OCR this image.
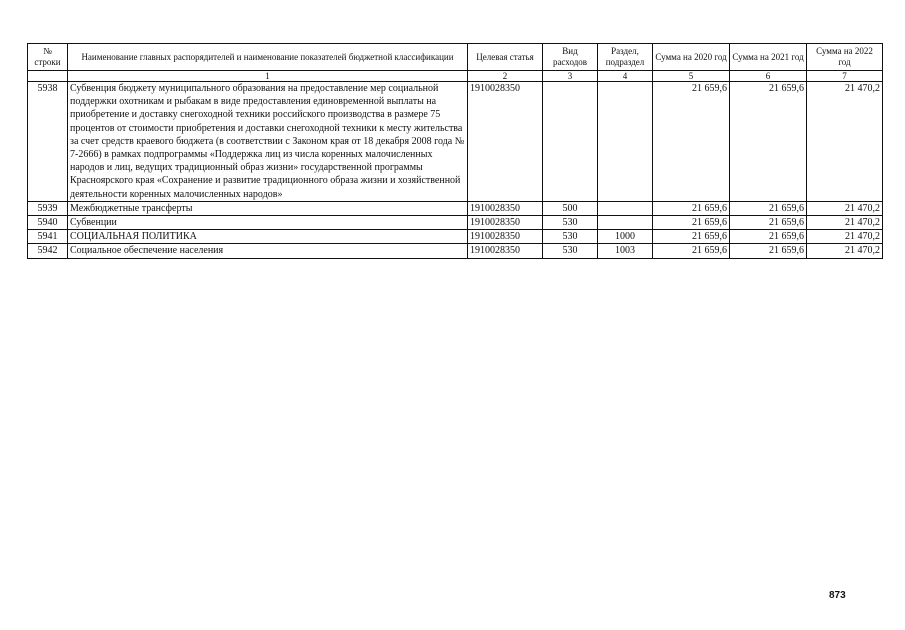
№ строки	Наименование главных распорядителей и наименование показателей бюджетной классификации	Целевая статья	Вид расходов	Раздел, подраздел	Сумма на 2020 год	Сумма на 2021 год	Сумма на 2022 год
	1	2	3	4	5	6	7
5938	Субвенция бюджету муниципального образования на предоставление мер социальной поддержки охотникам и рыбакам в виде предоставления единовременной выплаты на приобретение и доставку снегоходной техники российского производства в размере 75 процентов от стоимости приобретения и доставки снегоходной техники к месту жительства за счет средств краевого бюджета (в соответствии с Законом края от 18 декабря 2008 года № 7-2666) в рамках подпрограммы «Поддержка лиц из числа коренных малочисленных народов и лиц, ведущих традиционный образ жизни» государственной программы Красноярского края «Сохранение и развитие традиционного образа жизни и хозяйственной деятельности коренных малочисленных народов»	1910028350			21 659,6	21 659,6	21 470,2
5939	Межбюджетные трансферты	1910028350	500		21 659,6	21 659,6	21 470,2
5940	Субвенции	1910028350	530		21 659,6	21 659,6	21 470,2
5941	СОЦИАЛЬНАЯ ПОЛИТИКА	1910028350	530	1000	21 659,6	21 659,6	21 470,2
5942	Социальное обеспечение населения	1910028350	530	1003	21 659,6	21 659,6	21 470,2
873
